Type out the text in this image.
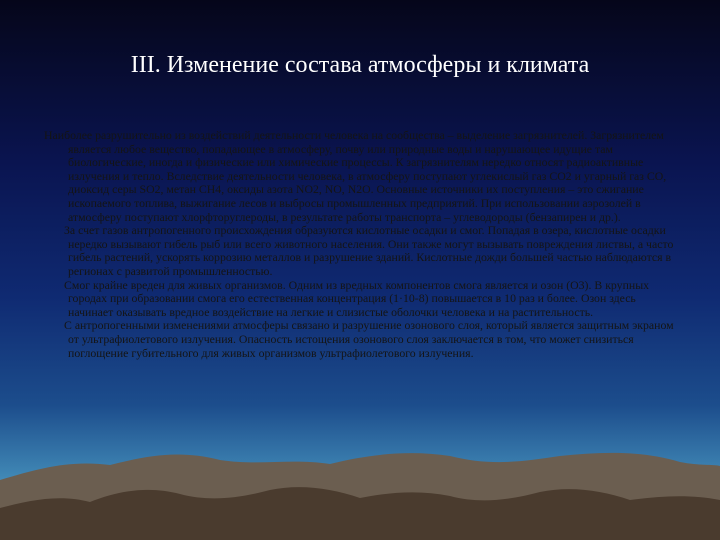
III. Изменение состава атмосферы и климата

Наиболее разрушительно из воздействий деятельности человека на сообщества – выделение загрязнителей. Загрязнителем является любое вещество, попадающее в атмосферу, почву или природные воды и нарушающее идущие там биологические, иногда и физические или химические процессы. К загрязнителям нередко относят радиоактивные излучения и тепло. Вследствие деятельности человека, в атмосферу поступают углекислый газ CO2 и угарный газ CO, диоксид серы SO2, метан CH4, оксиды азота NO2, NO, N2O. Основные источники их поступления – это сжигание ископаемого топлива, выжигание лесов и выбросы промышленных предприятий. При использовании аэрозолей в атмосферу поступают хлорфторуглероды, в результате работы транспорта – углеводороды (бензапирен и др.).

За счет газов антропогенного происхождения образуются кислотные осадки и смог. Попадая в озера, кислотные осадки нередко вызывают гибель рыб или всего животного населения. Они также могут вызывать повреждения листвы, а часто гибель растений, ускорять коррозию металлов и разрушение зданий. Кислотные дожди большей частью наблюдаются в регионах с развитой промышленностью.

Смог крайне вреден для живых организмов. Одним из вредных компонентов смога является и озон (O3). В крупных городах при образовании смога его естественная концентрация (1·10-8) повышается в 10 раз и более. Озон здесь начинает оказывать вредное воздействие на легкие и слизистые оболочки человека и на растительность.

С антропогенными изменениями атмосферы связано и разрушение озонового слоя, который является защитным экраном от ультрафиолетового излучения. Опасность истощения озонового слоя заключается в том, что может снизиться поглощение губительного для живых организмов ультрафиолетового излучения.
